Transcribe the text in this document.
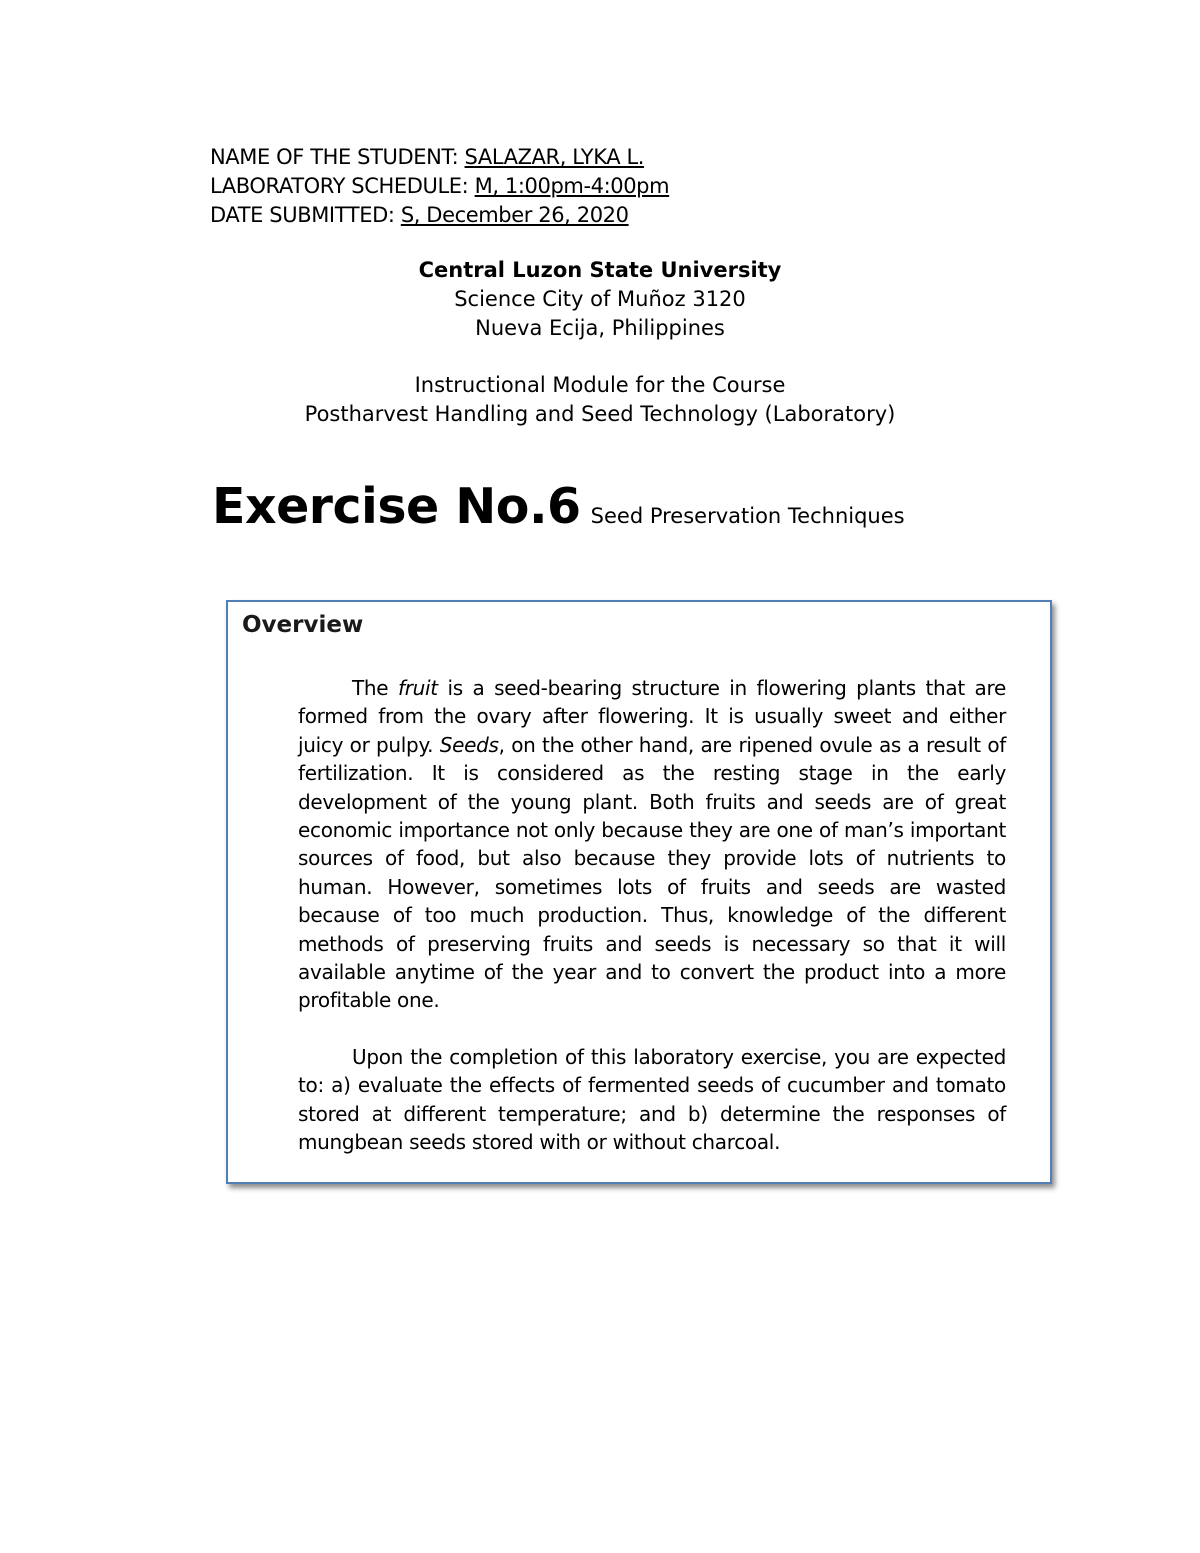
NAME OF THE STUDENT: SALAZAR, LYKA L.
LABORATORY SCHEDULE: M, 1:00pm-4:00pm
DATE SUBMITTED: S, December 26, 2020
Central Luzon State University
Science City of Muñoz 3120
Nueva Ecija, Philippines
Instructional Module for the Course
Postharvest Handling and Seed Technology (Laboratory)
Exercise No.6 Seed Preservation Techniques
Overview

The fruit is a seed-bearing structure in flowering plants that are formed from the ovary after flowering. It is usually sweet and either juicy or pulpy. Seeds, on the other hand, are ripened ovule as a result of fertilization. It is considered as the resting stage in the early development of the young plant. Both fruits and seeds are of great economic importance not only because they are one of man’s important sources of food, but also because they provide lots of nutrients to human. However, sometimes lots of fruits and seeds are wasted because of too much production. Thus, knowledge of the different methods of preserving fruits and seeds is necessary so that it will available anytime of the year and to convert the product into a more profitable one.

Upon the completion of this laboratory exercise, you are expected to: a) evaluate the effects of fermented seeds of cucumber and tomato stored at different temperature; and b) determine the responses of mungbean seeds stored with or without charcoal.
